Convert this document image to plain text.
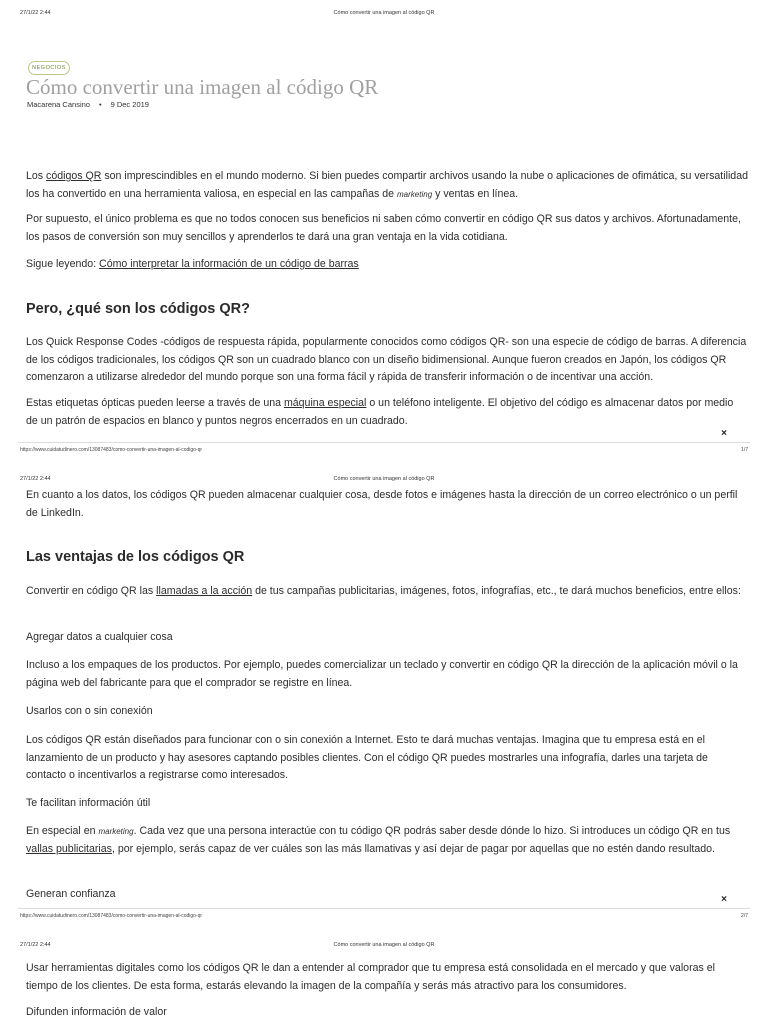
27/1/22 2:44	Cómo convertir una imagen al código QR
NEGOCIOS
Cómo convertir una imagen al código QR
Macarena Cansino • 9 Dec 2019

Los códigos QR son imprescindibles en el mundo moderno. Si bien puedes compartir archivos usando la nube o aplicaciones de ofimática, su versatilidad los ha convertido en una herramienta valiosa, en especial en las campañas de marketing y ventas en línea.

Por supuesto, el único problema es que no todos conocen sus beneficios ni saben cómo convertir en código QR sus datos y archivos. Afortunadamente, los pasos de conversión son muy sencillos y aprenderlos te dará una gran ventaja en la vida cotidiana.

Sigue leyendo: Cómo interpretar la información de un código de barras

Pero, ¿qué son los códigos QR?

Los Quick Response Codes -códigos de respuesta rápida, popularmente conocidos como códigos QR- son una especie de código de barras. A diferencia de los códigos tradicionales, los códigos QR son un cuadrado blanco con un diseño bidimensional. Aunque fueron creados en Japón, los códigos QR comenzaron a utilizarse alrededor del mundo porque son una forma fácil y rápida de transferir información o de incentivar una acción.

Estas etiquetas ópticas pueden leerse a través de una máquina especial o un teléfono inteligente. El objetivo del código es almacenar datos por medio de un patrón de espacios en blanco y puntos negros encerrados en un cuadrado.

×
https://www.cuidatudinero.com/13087483/como-convertir-una-imagen-al-codigo-qr	1/7
27/1/22 2:44	Cómo convertir una imagen al código QR

En cuanto a los datos, los códigos QR pueden almacenar cualquier cosa, desde fotos e imágenes hasta la dirección de un correo electrónico o un perfil de LinkedIn.

Las ventajas de los códigos QR

Convertir en código QR las llamadas a la acción de tus campañas publicitarias, imágenes, fotos, infografías, etc., te dará muchos beneficios, entre ellos:

Agregar datos a cualquier cosa

Incluso a los empaques de los productos. Por ejemplo, puedes comercializar un teclado y convertir en código QR la dirección de la aplicación móvil o la página web del fabricante para que el comprador se registre en línea.

Usarlos con o sin conexión

Los códigos QR están diseñados para funcionar con o sin conexión a Internet. Esto te dará muchas ventajas. Imagina que tu empresa está en el lanzamiento de un producto y hay asesores captando posibles clientes. Con el código QR puedes mostrarles una infografía, darles una tarjeta de contacto o incentivarlos a registrarse como interesados.

Te facilitan información útil

En especial en marketing. Cada vez que una persona interactúe con tu código QR podrás saber desde dónde lo hizo. Si introduces un código QR en tus vallas publicitarias, por ejemplo, serás capaz de ver cuáles son las más llamativas y así dejar de pagar por aquellas que no estén dando resultado.

Generan confianza	×
https://www.cuidatudinero.com/13087483/como-convertir-una-imagen-al-codigo-qr	2/7
27/1/22 2:44	Cómo convertir una imagen al código QR

Usar herramientas digitales como los códigos QR le dan a entender al comprador que tu empresa está consolidada en el mercado y que valoras el tiempo de los clientes. De esta forma, estarás elevando la imagen de la compañía y serás más atractivo para los consumidores.

Difunden información de valor
